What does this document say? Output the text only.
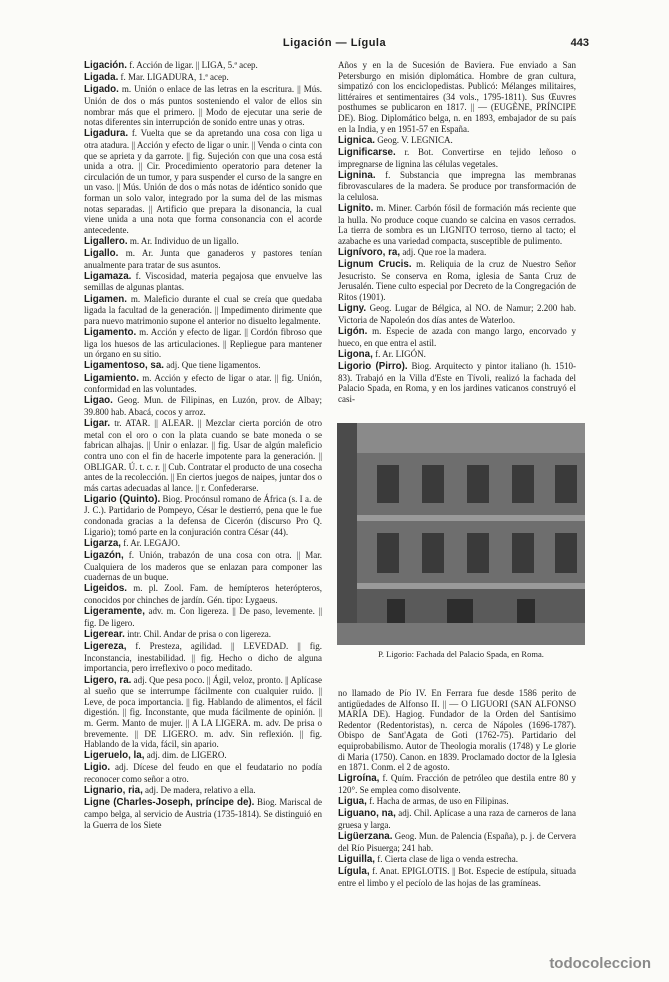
Ligación — Lígula	443

Ligación. f. Acción de ligar. || LIGA, 5.ª acep.

Ligada. f. Mar. LIGADURA, 1.ª acep.

Ligado. m. Unión o enlace de las letras en la escritura. || Mús. Unión de dos o más puntos sosteniendo el valor de ellos sin nombrar más que el primero. || Modo de ejecutar una serie de notas diferentes sin interrupción de sonido entre unas y otras.

Ligadura. f. Vuelta que se da apretando una cosa con liga u otra atadura. || Acción y efecto de ligar o unir. || Venda o cinta con que se aprieta y da garrote. || fig. Sujeción con que una cosa está unida a otra. || Cir. Procedimiento operatorio para detener la circulación de un tumor, y para suspender el curso de la sangre en un vaso. || Mús. Unión de dos o más notas de idéntico sonido que forman un solo valor, integrado por la suma del de las mismas notas separadas. || Artificio que prepara la disonancia, la cual viene unida a una nota que forma consonancia con el acorde antecedente.

Ligallero. m. Ar. Individuo de un ligallo.

Ligallo. m. Ar. Junta que ganaderos y pastores tenían anualmente para tratar de sus asuntos.

Ligamaza. f. Viscosidad, materia pegajosa que envuelve las semillas de algunas plantas.

Ligamen. m. Maleficio durante el cual se creía que quedaba ligada la facultad de la generación. || Impedimento dirimente que para nuevo matrimonio supone el anterior no disuelto legalmente.

Ligamento. m. Acción y efecto de ligar. || Cordón fibroso que liga los huesos de las articulaciones. || Repliegue para mantener un órgano en su sitio.

Ligamentoso, sa. adj. Que tiene ligamentos.

Ligamiento. m. Acción y efecto de ligar o atar. || fig. Unión, conformidad en las voluntades.

Ligao. Geog. Mun. de Filipinas, en Luzón, prov. de Albay; 39.800 hab. Abacá, cocos y arroz.

Ligar. tr. ATAR. || ALEAR. || Mezclar cierta porción de otro metal con el oro o con la plata cuando se bate moneda o se fabrican alhajas. || Unir o enlazar. || fig. Usar de algún maleficio contra uno con el fin de hacerle impotente para la generación. || OBLIGAR. Ú. t. c. r. || Cub. Contratar el producto de una cosecha antes de la recolección. || En ciertos juegos de naipes, juntar dos o más cartas adecuadas al lance. || r. Confederarse.

Ligario (Quinto). Biog. Procónsul romano de África (s. I a. de J. C.). Partidario de Pompeyo, César le destierró, pena que le fue condonada gracias a la defensa de Cicerón (discurso Pro Q. Ligario); tomó parte en la conjuración contra César (44).

Ligarza, f. Ar. LEGAJO.

Ligazón, f. Unión, trabazón de una cosa con otra. || Mar. Cualquiera de los maderos que se enlazan para componer las cuadernas de un buque.

Ligeidos. m. pl. Zool. Fam. de hemípteros heterópteros, conocidos por chinches de jardín. Gén. tipo: Lygaeus.

Ligeramente, adv. m. Con ligereza. || De paso, levemente. || fig. De ligero.

Ligerear. intr. Chil. Andar de prisa o con ligereza.

Ligereza, f. Presteza, agilidad. || LEVEDAD. || fig. Inconstancia, inestabilidad. || fig. Hecho o dicho de alguna importancia, pero irreflexivo o poco meditado.

Ligero, ra. adj. Que pesa poco. || Ágil, veloz, pronto. || Aplícase al sueño que se interrumpe fácilmente con cualquier ruido. || Leve, de poca importancia. || fig. Hablando de alimentos, el fácil digestión. || fig. Inconstante, que muda fácilmente de opinión. || m. Germ. Manto de mujer. || A LA LIGERA. m. adv. De prisa o brevemente. || DE LIGERO. m. adv. Sin reflexión. || fig. Hablando de la vida, fácil, sin apario.

Ligeruelo, la, adj. dim. de LIGERO.

Ligio. adj. Dícese del feudo en que el feudatario no podía reconocer como señor a otro.

Lignario, ria, adj. De madera, relativo a ella.

Ligne (Charles-Joseph, príncipe de). Biog. Mariscal de campo belga, al servicio de Austria (1735-1814). Se distinguió en la Guerra de los Siete

Años y en la de Sucesión de Baviera. Fue enviado a San Petersburgo en misión diplomática. Hombre de gran cultura, simpatizó con los enciclopedistas. Publicó: Mélanges militaires, littéraires et sentimentaires (34 vols., 1795-1811). Sus Œuvres posthumes se publicaron en 1817. || — (EUGÈNE, PRÍNCIPE DE). Biog. Diplomático belga, n. en 1893, embajador de su país en la India, y en 1951-57 en España.

Lignica. Geog. V. LEGNICA.

Lignificarse. r. Bot. Convertirse en tejido leñoso o impregnarse de lignina las células vegetales.

Lignina. f. Substancia que impregna las membranas fibrovasculares de la madera. Se produce por transformación de la celulosa.

Lignito. m. Miner. Carbón fósil de formación más reciente que la hulla. No produce coque cuando se calcina en vasos cerrados. La tierra de sombra es un LIGNITO terroso, tierno al tacto; el azabache es una variedad compacta, susceptible de pulimento.

Lignívoro, ra, adj. Que roe la madera.

Lignum Crucis. m. Reliquia de la cruz de Nuestro Señor Jesucristo. Se conserva en Roma, iglesia de Santa Cruz de Jerusalén. Tiene culto especial por Decreto de la Congregación de Ritos (1901).

Ligny. Geog. Lugar de Bélgica, al NO. de Namur; 2.200 hab. Victoria de Napoleón dos días antes de Waterloo.

Ligón. m. Especie de azada con mango largo, encorvado y hueco, en que entra el astil.

Ligona, f. Ar. LIGÓN.

Ligorio (Pirro). Biog. Arquitecto y pintor italiano (h. 1510-83). Trabajó en la Villa d'Este en Tívoli, realizó la fachada del Palacio Spada, en Roma, y en los jardines vaticanos construyó el casi-

P. Ligorio: Fachada del Palacio Spada, en Roma.

no llamado de Pío IV. En Ferrara fue desde 1586 perito de antigüedades de Alfonso II. || — O LIGUORI (SAN ALFONSO MARÍA DE). Hagiog. Fundador de la Orden del Santísimo Redentor (Redentoristas), n. cerca de Nápoles (1696-1787). Obispo de Sant'Agata de Goti (1762-75). Partidario del equiprobabilismo. Autor de Theologia moralis (1748) y Le glorie di Maria (1750). Canon. en 1839. Proclamado doctor de la Iglesia en 1871. Conm. el 2 de agosto.

Ligroína, f. Quím. Fracción de petróleo que destila entre 80 y 120°. Se emplea como disolvente.

Ligua, f. Hacha de armas, de uso en Filipinas.

Liguano, na, adj. Chil. Aplícase a una raza de carneros de lana gruesa y larga.

Ligüerzana. Geog. Mun. de Palencia (España), p. j. de Cervera del Río Pisuerga; 241 hab.

Liguilla, f. Cierta clase de liga o venda estrecha.

Lígula, f. Anat. EPIGLOTIS. || Bot. Especie de estípula, situada entre el limbo y el pecíolo de las hojas de las gramíneas.

todocoleccion
